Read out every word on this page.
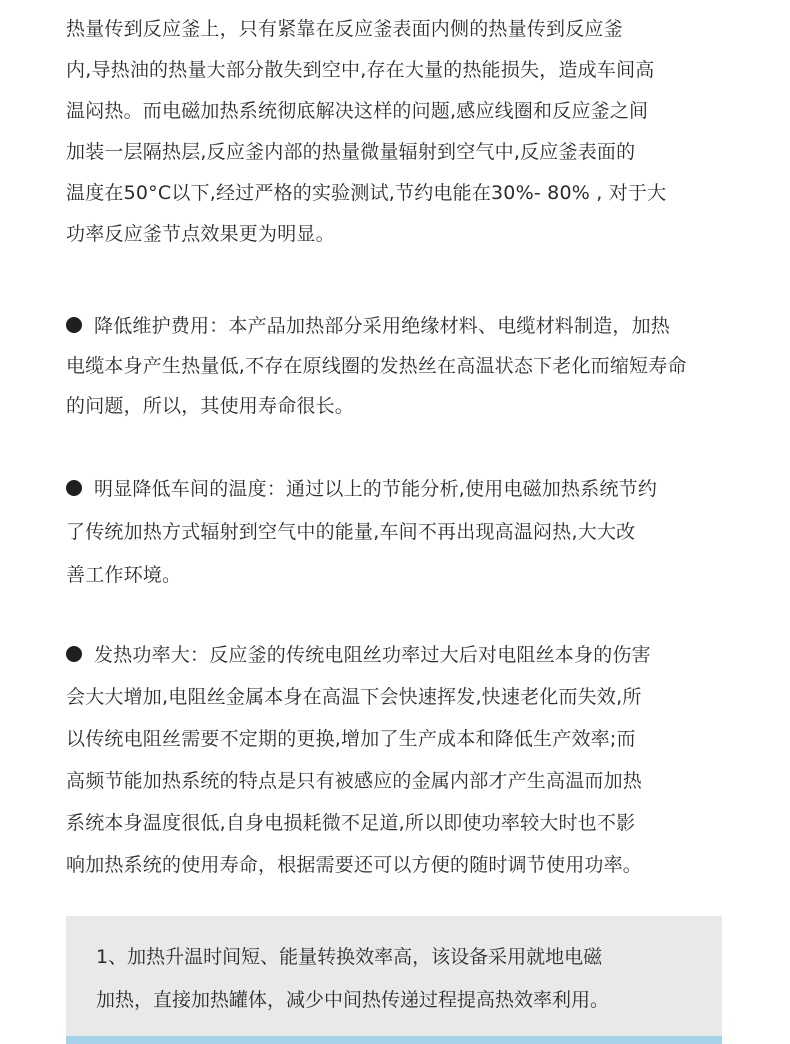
热量传到反应釜上，只有紧靠在反应釜表面内侧的热量传到反应釜

内,导热油的热量大部分散失到空中,存在大量的热能损失，造成车间高

温闷热。而电磁加热系统彻底解决这样的问题,感应线圈和反应釜之间

加装一层隔热层,反应釜内部的热量微量辐射到空气中,反应釜表面的

温度在50°C以下,经过严格的实验测试,节约电能在30%- 80% , 对于大

功率反应釜节点效果更为明显。

降低维护费用：本产品加热部分采用绝缘材料、电缆材料制造，加热

电缆本身产生热量低,不存在原线圈的发热丝在高温状态下老化而缩短寿命

的问题，所以，其使用寿命很长。

明显降低车间的温度：通过以上的节能分析,使用电磁加热系统节约

了传统加热方式辐射到空气中的能量,车间不再出现高温闷热,大大改

善工作环境。

发热功率大：反应釜的传统电阻丝功率过大后对电阻丝本身的伤害

会大大增加,电阻丝金属本身在高温下会快速挥发,快速老化而失效,所

以传统电阻丝需要不定期的更换,增加了生产成本和降低生产效率;而

高频节能加热系统的特点是只有被感应的金属内部才产生高温而加热

系统本身温度很低,自身电损耗微不足道,所以即使功率较大时也不影

响加热系统的使用寿命，根据需要还可以方便的随时调节使用功率。

1、加热升温时间短、能量转换效率高，该设备采用就地电磁

加热，直接加热罐体，减少中间热传递过程提高热效率利用。
